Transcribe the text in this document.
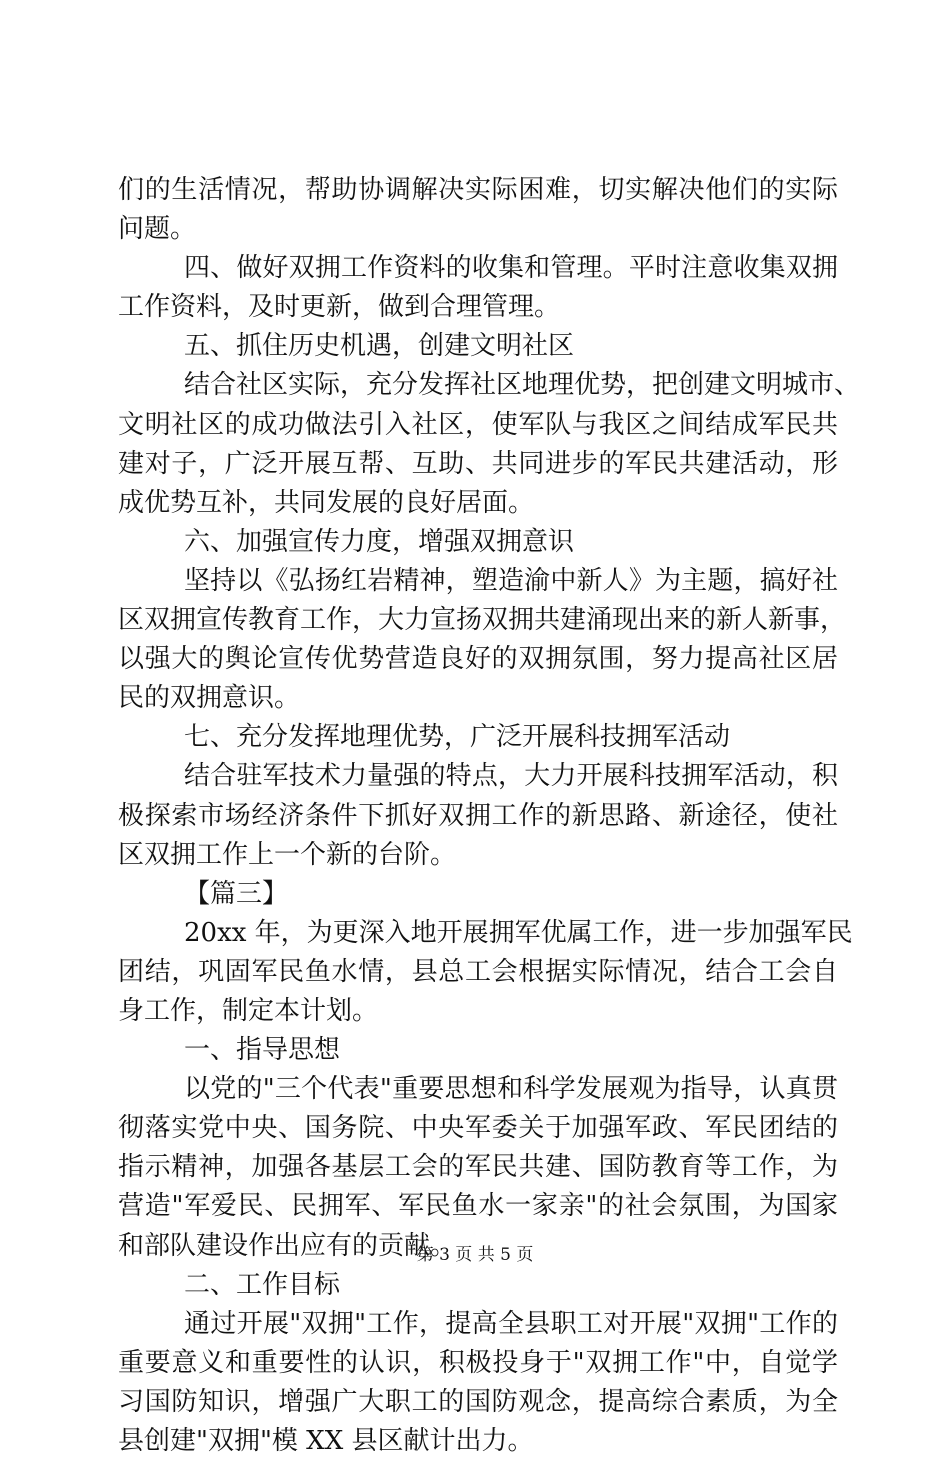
们的生活情况，帮助协调解决实际困难，切实解决他们的实际
问题。
四、做好双拥工作资料的收集和管理。平时注意收集双拥
工作资料，及时更新，做到合理管理。
五、抓住历史机遇，创建文明社区
结合社区实际，充分发挥社区地理优势，把创建文明城市、
文明社区的成功做法引入社区，使军队与我区之间结成军民共
建对子，广泛开展互帮、互助、共同进步的军民共建活动，形
成优势互补，共同发展的良好居面。
六、加强宣传力度，增强双拥意识
坚持以《弘扬红岩精神，塑造渝中新人》为主题，搞好社
区双拥宣传教育工作，大力宣扬双拥共建涌现出来的新人新事，
以强大的舆论宣传优势营造良好的双拥氛围，努力提高社区居
民的双拥意识。
七、充分发挥地理优势，广泛开展科技拥军活动
结合驻军技术力量强的特点，大力开展科技拥军活动，积
极探索市场经济条件下抓好双拥工作的新思路、新途径，使社
区双拥工作上一个新的台阶。
【篇三】
20xx 年，为更深入地开展拥军优属工作，进一步加强军民
团结，巩固军民鱼水情，县总工会根据实际情况，结合工会自
身工作，制定本计划。
一、指导思想
以党的"三个代表"重要思想和科学发展观为指导，认真贯
彻落实党中央、国务院、中央军委关于加强军政、军民团结的
指示精神，加强各基层工会的军民共建、国防教育等工作，为
营造"军爱民、民拥军、军民鱼水一家亲"的社会氛围，为国家
和部队建设作出应有的贡献。
二、工作目标
通过开展"双拥"工作，提高全县职工对开展"双拥"工作的
重要意义和重要性的认识，积极投身于"双拥工作"中，自觉学
习国防知识，增强广大职工的国防观念，提高综合素质，为全
县创建"双拥"模 XX 县区献计出力。
第 3 页 共 5 页
